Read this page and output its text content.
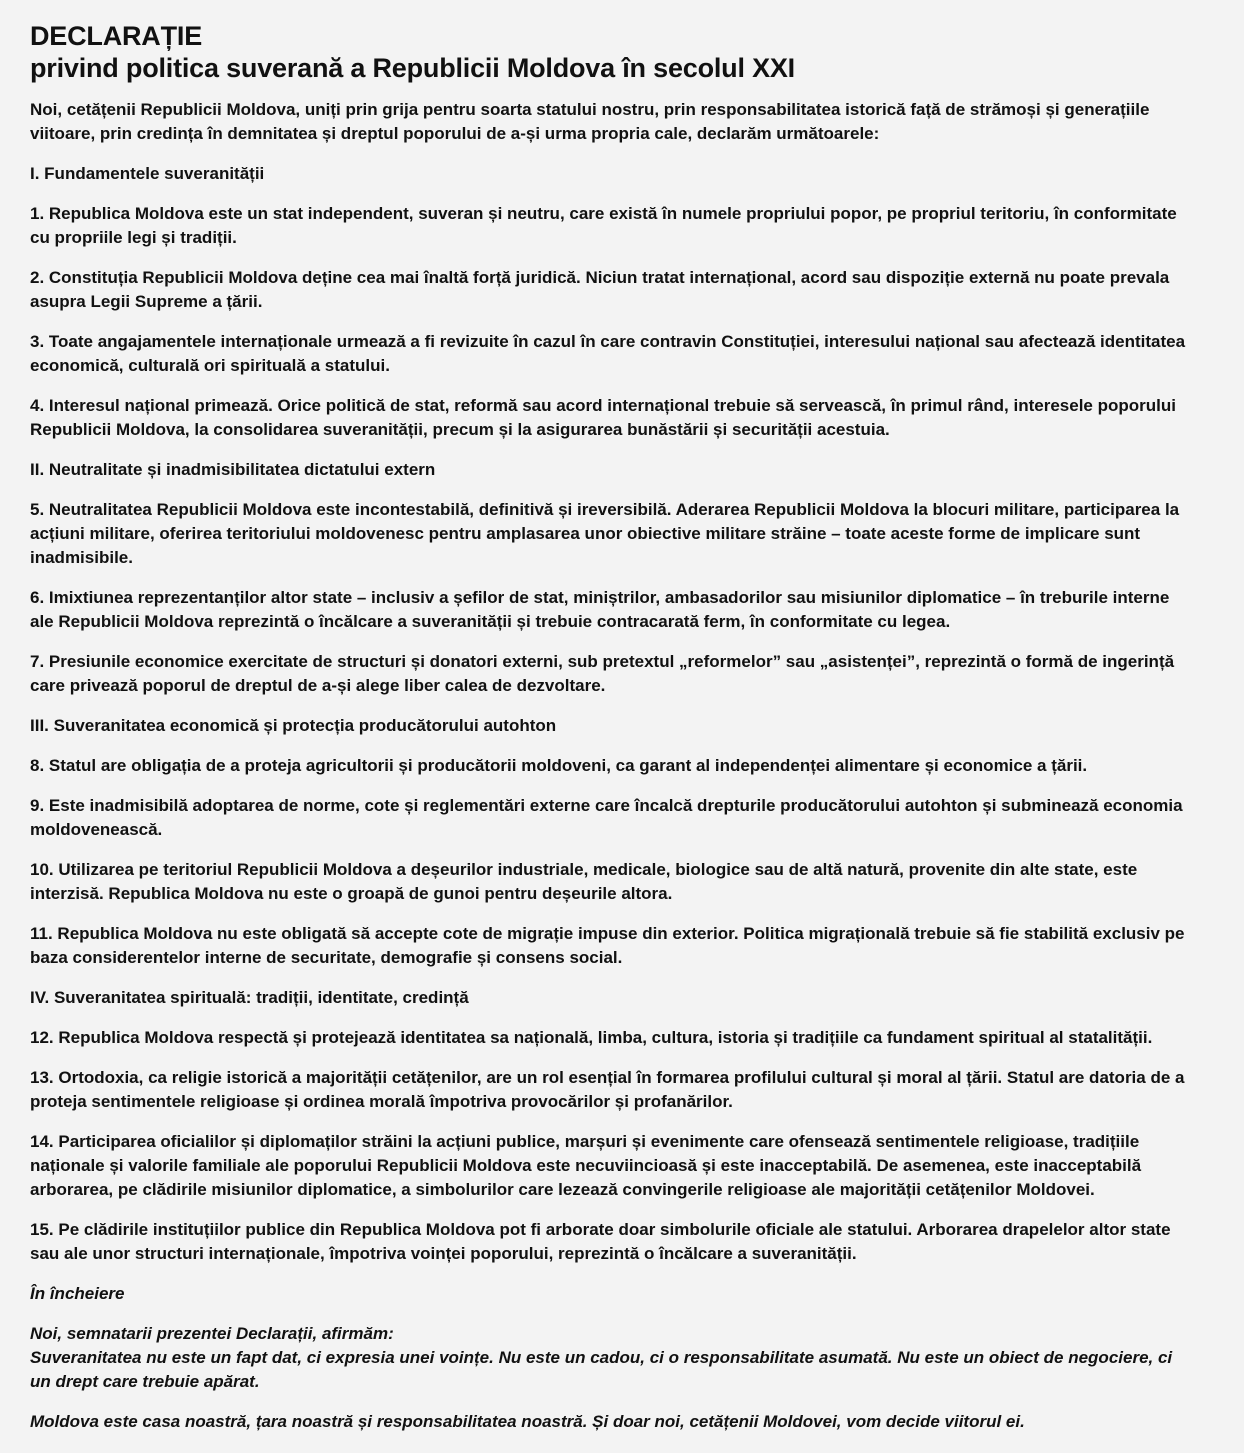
DECLARAȚIE
privind politica suverană a Republicii Moldova în secolul XXI

Noi, cetățenii Republicii Moldova, uniți prin grija pentru soarta statului nostru, prin responsabilitatea istorică față de strămoși și generațiile viitoare, prin credința în demnitatea și dreptul poporului de a-și urma propria cale, declarăm următoarele:

I. Fundamentele suveranității

1. Republica Moldova este un stat independent, suveran și neutru, care există în numele propriului popor, pe propriul teritoriu, în conformitate cu propriile legi și tradiții.

2. Constituția Republicii Moldova deține cea mai înaltă forță juridică. Niciun tratat internațional, acord sau dispoziție externă nu poate prevala asupra Legii Supreme a țării.

3. Toate angajamentele internaționale urmează a fi revizuite în cazul în care contravin Constituției, interesului național sau afectează identitatea economică, culturală ori spirituală a statului.

4. Interesul național primează. Orice politică de stat, reformă sau acord internațional trebuie să servească, în primul rând, interesele poporului Republicii Moldova, la consolidarea suveranității, precum și la asigurarea bunăstării și securității acestuia.

II. Neutralitate și inadmisibilitatea dictatului extern

5. Neutralitatea Republicii Moldova este incontestabilă, definitivă și ireversibilă. Aderarea Republicii Moldova la blocuri militare, participarea la acțiuni militare, oferirea teritoriului moldovenesc pentru amplasarea unor obiective militare străine – toate aceste forme de implicare sunt inadmisibile.

6. Imixtiunea reprezentanților altor state – inclusiv a șefilor de stat, miniștrilor, ambasadorilor sau misiunilor diplomatice – în treburile interne ale Republicii Moldova reprezintă o încălcare a suveranității și trebuie contracarată ferm, în conformitate cu legea.

7. Presiunile economice exercitate de structuri și donatori externi, sub pretextul „reformelor” sau „asistenței”, reprezintă o formă de ingerință care privează poporul de dreptul de a-și alege liber calea de dezvoltare.

III. Suveranitatea economică și protecția producătorului autohton

8. Statul are obligația de a proteja agricultorii și producătorii moldoveni, ca garant al independenței alimentare și economice a țării.

9. Este inadmisibilă adoptarea de norme, cote și reglementări externe care încalcă drepturile producătorului autohton și subminează economia moldovenească.

10. Utilizarea pe teritoriul Republicii Moldova a deșeurilor industriale, medicale, biologice sau de altă natură, provenite din alte state, este interzisă. Republica Moldova nu este o groapă de gunoi pentru deșeurile altora.

11. Republica Moldova nu este obligată să accepte cote de migrație impuse din exterior. Politica migrațională trebuie să fie stabilită exclusiv pe baza considerentelor interne de securitate, demografie și consens social.

IV. Suveranitatea spirituală: tradiții, identitate, credință

12. Republica Moldova respectă și protejează identitatea sa națională, limba, cultura, istoria și tradițiile ca fundament spiritual al statalității.

13. Ortodoxia, ca religie istorică a majorității cetățenilor, are un rol esențial în formarea profilului cultural și moral al țării. Statul are datoria de a proteja sentimentele religioase și ordinea morală împotriva provocărilor și profanărilor.

14. Participarea oficialilor și diplomaților străini la acțiuni publice, marșuri și evenimente care ofensează sentimentele religioase, tradițiile naționale și valorile familiale ale poporului Republicii Moldova este necuviincioasă și este inacceptabilă. De asemenea, este inacceptabilă arborarea, pe clădirile misiunilor diplomatice, a simbolurilor care lezează convingerile religioase ale majorității cetățenilor Moldovei.

15. Pe clădirile instituțiilor publice din Republica Moldova pot fi arborate doar simbolurile oficiale ale statului. Arborarea drapelelor altor state sau ale unor structuri internaționale, împotriva voinței poporului, reprezintă o încălcare a suveranității.

În încheiere

Noi, semnatarii prezentei Declarații, afirmăm:
Suveranitatea nu este un fapt dat, ci expresia unei voințe. Nu este un cadou, ci o responsabilitate asumată. Nu este un obiect de negociere, ci un drept care trebuie apărat.

Moldova este casa noastră, țara noastră și responsabilitatea noastră. Și doar noi, cetățenii Moldovei, vom decide viitorul ei.
